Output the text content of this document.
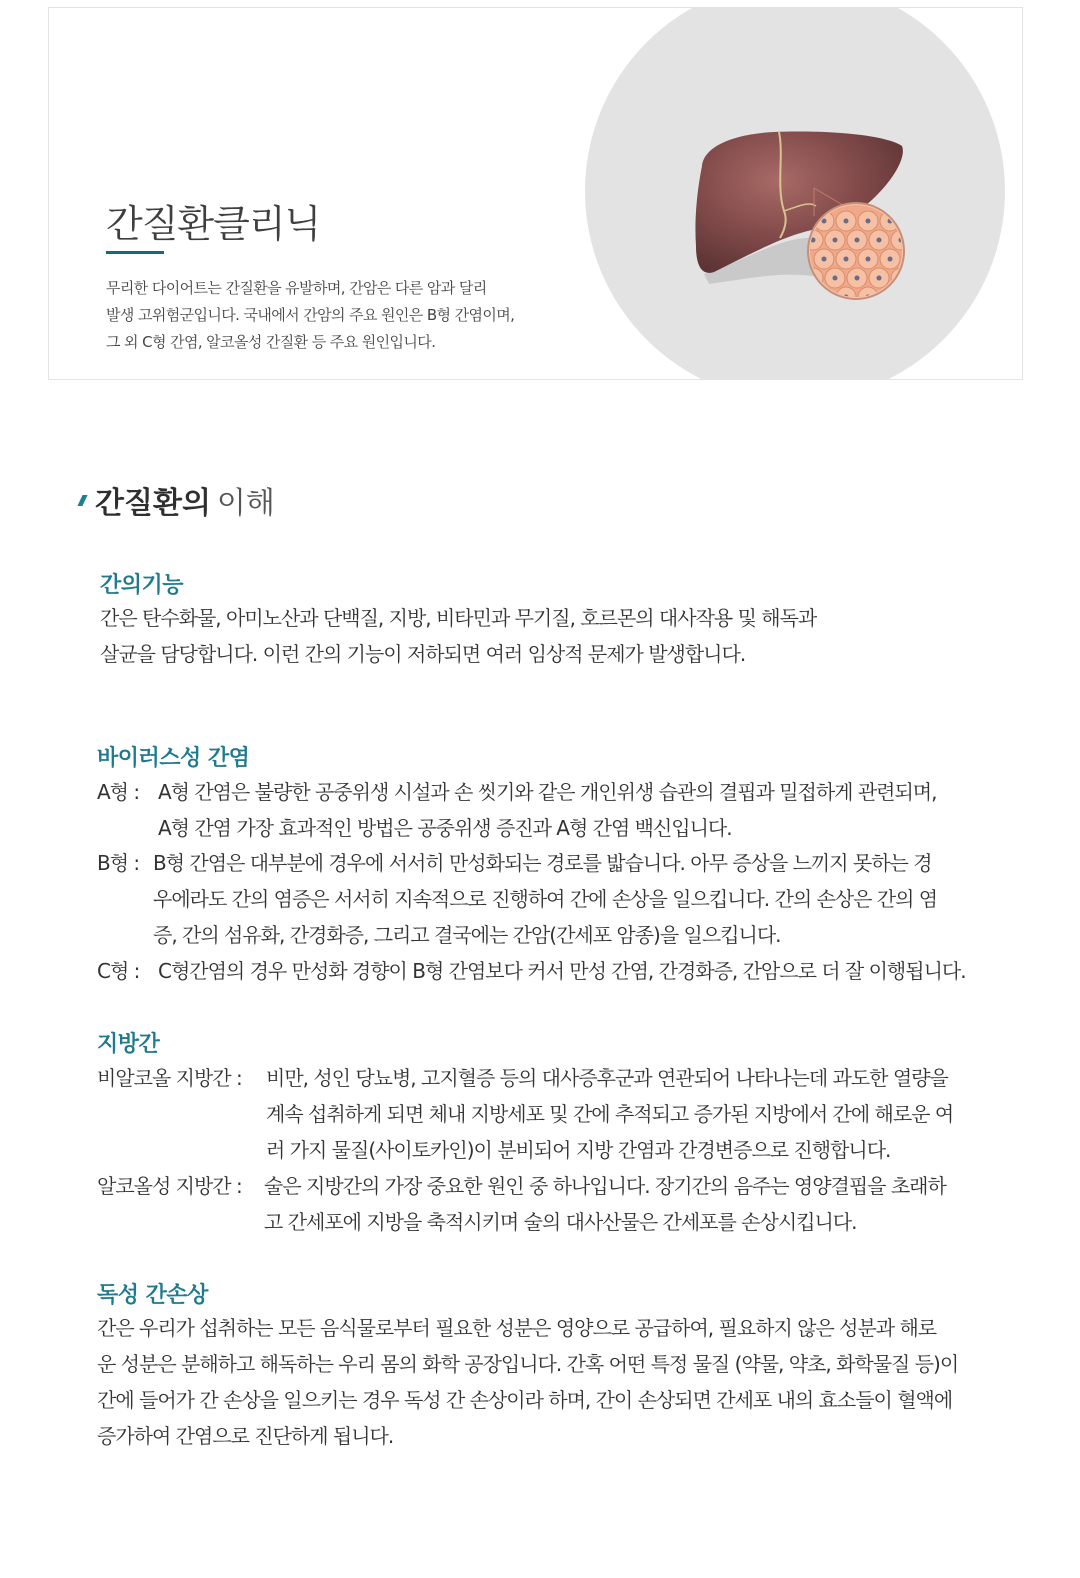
간질환클리닉
무리한 다이어트는 간질환을 유발하며, 간암은 다른 암과 달리
발생 고위험군입니다. 국내에서 간암의 주요 원인은 B형 간염이며,
그 외 C형 간염, 알코올성 간질환 등 주요 원인입니다.
간질환의 이해
간의기능
간은 탄수화물, 아미노산과 단백질, 지방, 비타민과 무기질, 호르몬의 대사작용 및 해독과
살균을 담당합니다. 이런 간의 기능이 저하되면 여러 임상적 문제가 발생합니다.
바이러스성 간염
A형 : A형 간염은 불량한 공중위생 시설과 손 씻기와 같은 개인위생 습관의 결핍과 밀접하게 관련되며,
A형 간염 가장 효과적인 방법은 공중위생 증진과 A형 간염 백신입니다.
B형 : B형 간염은 대부분에 경우에 서서히 만성화되는 경로를 밟습니다. 아무 증상을 느끼지 못하는 경
우에라도 간의 염증은 서서히 지속적으로 진행하여 간에 손상을 일으킵니다. 간의 손상은 간의 염
증, 간의 섬유화, 간경화증, 그리고 결국에는 간암(간세포 암종)을 일으킵니다.
C형 : C형간염의 경우 만성화 경향이 B형 간염보다 커서 만성 간염, 간경화증, 간암으로 더 잘 이행됩니다.
지방간
비알코올 지방간 : 비만, 성인 당뇨병, 고지혈증 등의 대사증후군과 연관되어 나타나는데 과도한 열량을
계속 섭취하게 되면 체내 지방세포 및 간에 추적되고 증가된 지방에서 간에 해로운 여
러 가지 물질(사이토카인)이 분비되어 지방 간염과 간경변증으로 진행합니다.
알코올성 지방간 : 술은 지방간의 가장 중요한 원인 중 하나입니다. 장기간의 음주는 영양결핍을 초래하
고 간세포에 지방을 축적시키며 술의 대사산물은 간세포를 손상시킵니다.
독성 간손상
간은 우리가 섭취하는 모든 음식물로부터 필요한 성분은 영양으로 공급하여, 필요하지 않은 성분과 해로
운 성분은 분해하고 해독하는 우리 몸의 화학 공장입니다. 간혹 어떤 특정 물질 (약물, 약초, 화학물질 등)이
간에 들어가 간 손상을 일으키는 경우 독성 간 손상이라 하며, 간이 손상되면 간세포 내의 효소들이 혈액에
증가하여 간염으로 진단하게 됩니다.
